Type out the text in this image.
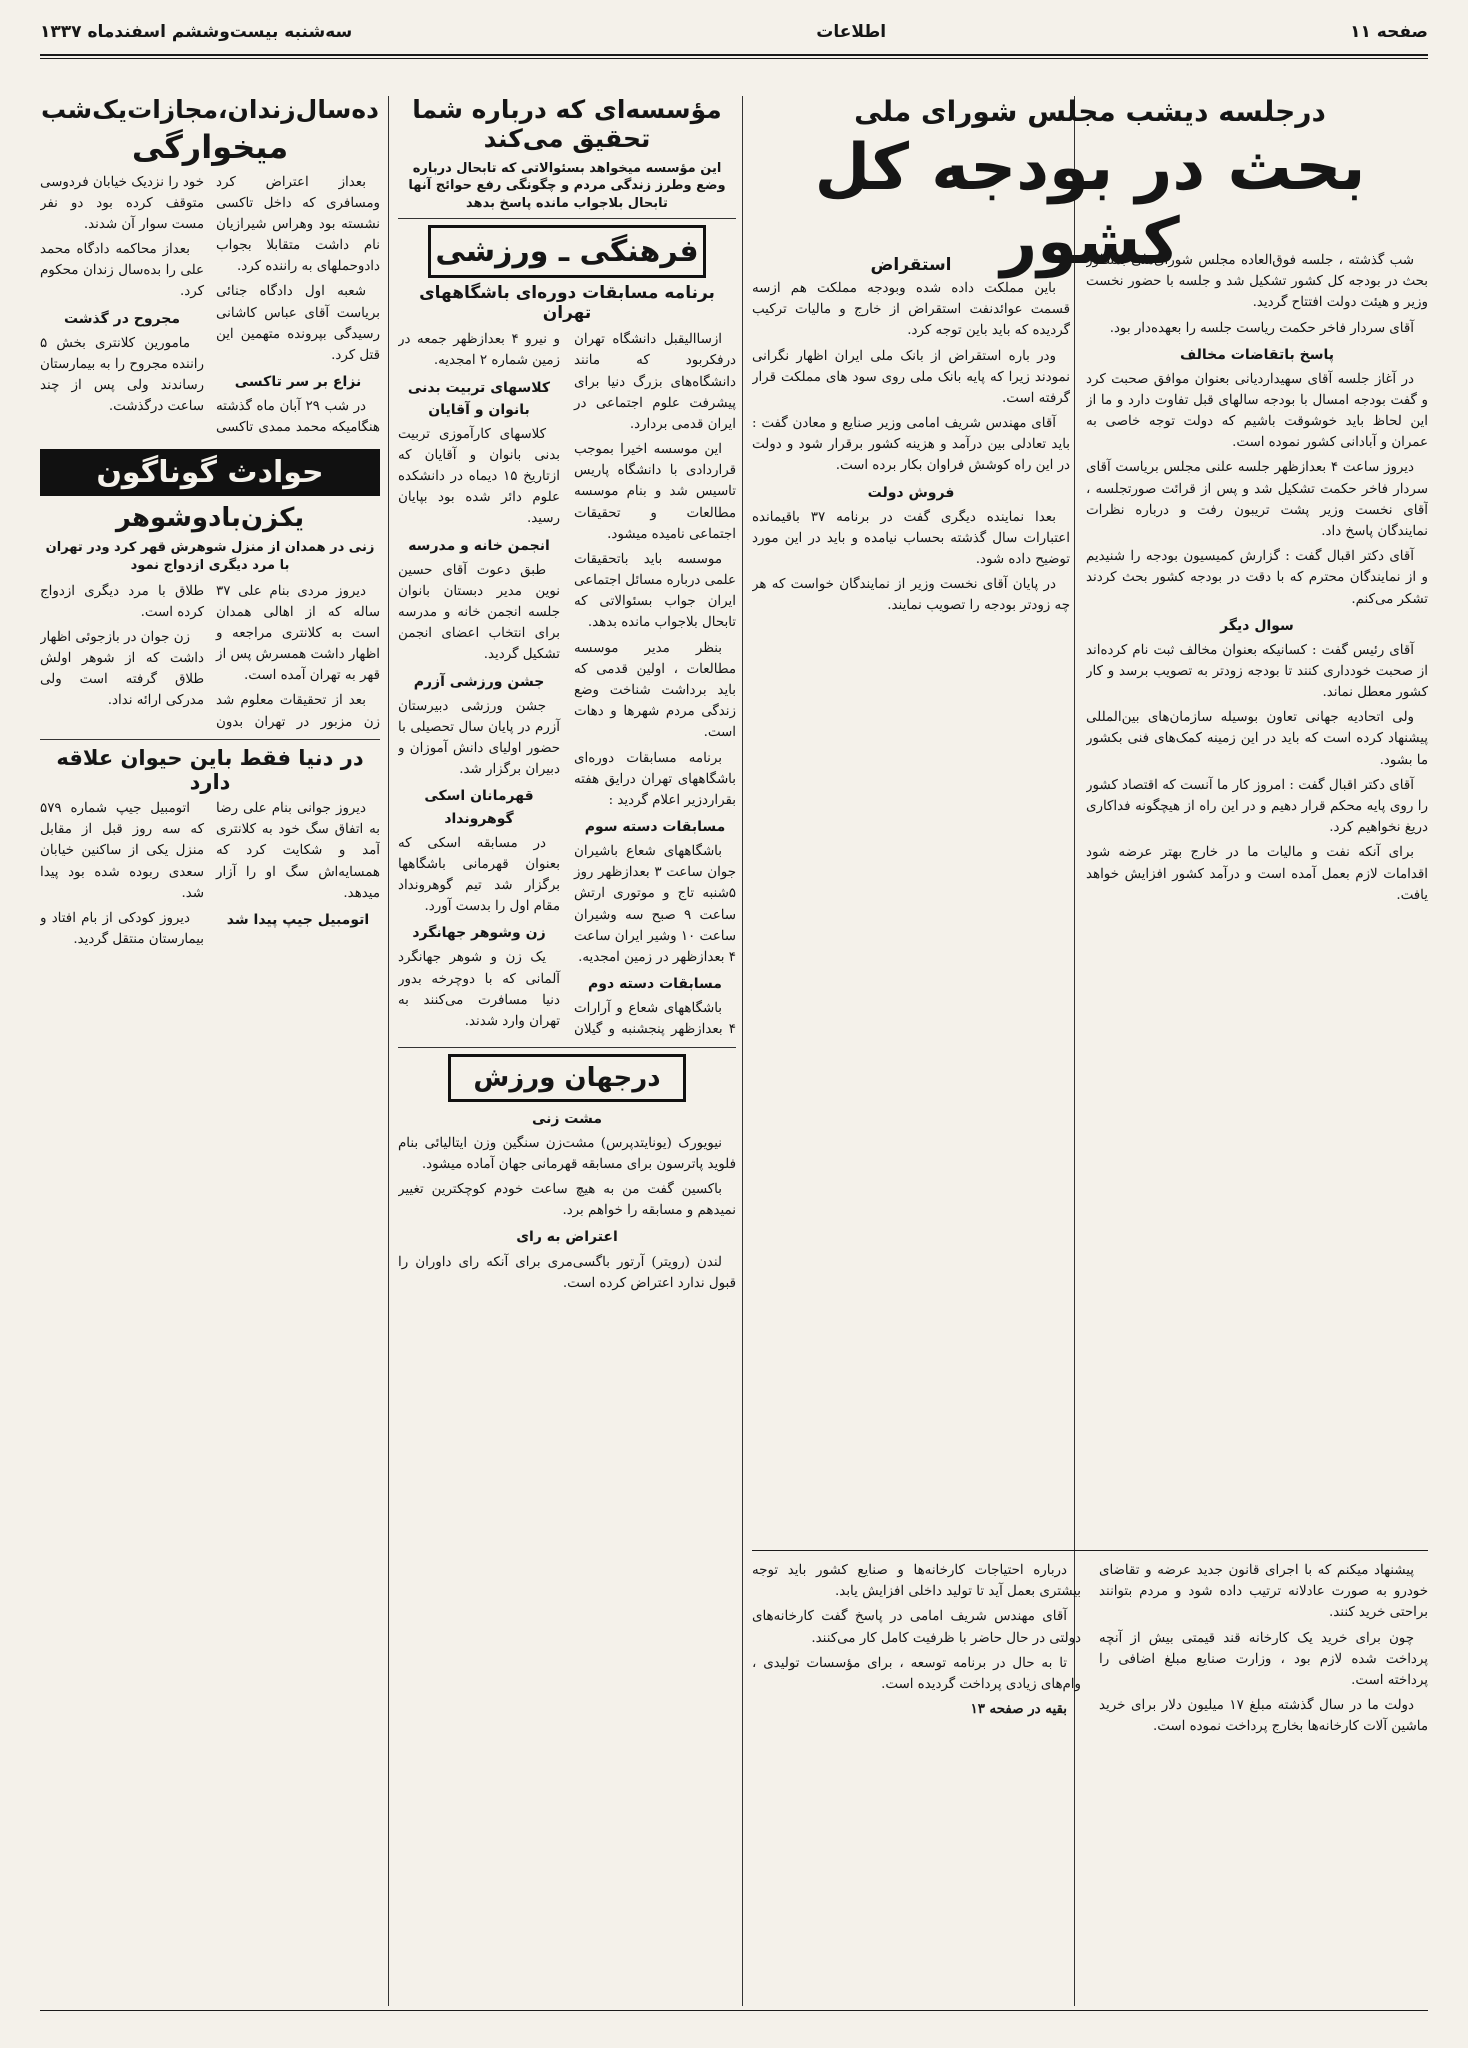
صفحه ۱۱
اطلاعات
سه‌شنبه بیست‌وششم اسفندماه ۱۳۳۷
درجلسه دیشب مجلس شورای ملی
بحث در بودجه کل کشور

شب گذشته ، جلسه فوق‌العاده مجلس شورای‌ملی بمنظور بحث در بودجه کل کشور تشکیل شد و جلسه با حضور نخست وزیر و هیئت دولت افتتاح گردید.

آقای سردار فاخر حکمت ریاست جلسه را بعهده‌دار بود.

پاسخ باتقاضات مخالف

در آغاز جلسه آقای سهیداردیانی بعنوان موافق صحبت کرد و گفت بودجه امسال با بودجه سالهای قبل تفاوت دارد و ما از این لحاظ باید خوشوقت باشیم که دولت توجه خاصی به عمران و آبادانی کشور نموده است.

دیروز ساعت ۴ بعدازظهر جلسه علنی مجلس بریاست آقای سردار فاخر حکمت تشکیل شد و پس از قرائت صورتجلسه ، آقای نخست وزیر پشت تریبون رفت و درباره نظرات نمایندگان پاسخ داد.

آقای دکتر اقبال گفت : گزارش کمیسیون بودجه را شنیدیم و از نمایندگان محترم که با دقت در بودجه کشور بحث کردند تشکر می‌کنم.

سوال دیگر

آقای رئیس گفت : کسانیکه بعنوان مخالف ثبت نام کرده‌اند از صحبت خودداری کنند تا بودجه زودتر به تصویب برسد و کار کشور معطل نماند.

ولی اتحادیه جهانی تعاون بوسیله سازمان‌های بین‌المللی پیشنهاد کرده است که باید در این زمینه کمک‌های فنی بکشور ما بشود.

آقای دکتر اقبال گفت : امروز کار ما آنست که اقتصاد کشور را روی پایه محکم قرار دهیم و در این راه از هیچگونه فداکاری دریغ نخواهیم کرد.

برای آنکه نفت و مالیات ما در خارج بهتر عرضه شود اقدامات لازم بعمل آمده است و درآمد کشور افزایش خواهد یافت.

استقراض

باین مملکت داده شده وبودجه مملکت هم ازسه قسمت عوائدنفت استقراض از خارج و مالیات ترکیب گردیده که باید باین توجه کرد.

ودر باره استقراض از بانک ملی ایران اظهار نگرانی نمودند زیرا که پایه بانک ملی روی سود های مملکت قرار گرفته است.

آقای مهندس شریف امامی وزیر صنایع و معادن گفت : باید تعادلی بین درآمد و هزینه کشور برقرار شود و دولت در این راه کوشش فراوان بکار برده است.

فروش دولت

بعدا نماینده دیگری گفت در برنامه ۳۷ باقیمانده اعتبارات سال گذشته بحساب نیامده و باید در این مورد توضیح داده شود.

در پایان آقای نخست وزیر از نمایندگان خواست که هر چه زودتر بودجه را تصویب نمایند.

پیشنهاد میکنم که با اجرای قانون جدید عرضه و تقاضای خودرو به صورت عادلانه ترتیب داده شود و مردم بتوانند براحتی خرید کنند.

چون برای خرید یک کارخانه قند قیمتی بیش از آنچه پرداخت شده لازم بود ، وزارت صنایع مبلغ اضافی را پرداخته است.

دولت ما در سال گذشته مبلغ ۱۷ میلیون دلار برای خرید ماشین آلات کارخانه‌ها بخارج پرداخت نموده است.

درباره احتیاجات کارخانه‌ها و صنایع کشور باید توجه بیشتری بعمل آید تا تولید داخلی افزایش یابد.

آقای مهندس شریف امامی در پاسخ گفت کارخانه‌های دولتی در حال حاضر با ظرفیت کامل کار می‌کنند.

تا به حال در برنامه توسعه ، برای مؤسسات تولیدی ، وام‌های زیادی پرداخت گردیده است.

بقیه در صفحه ۱۳

مؤسسه‌ای که درباره شما تحقیق می‌کند
این مؤسسه میخواهد بسئوالاتی که تابحال درباره وضع وطرز زندگی مردم و چگونگی رفع حوائج آنها تابحال بلاجواب مانده پاسخ بدهد
فرهنگی ـ ورزشی
برنامه مسابقات دوره‌ای باشگاههای تهران

ازساالیقبل دانشگاه تهران درفکربود که مانند دانشگاه‌های بزرگ دنیا برای پیشرفت علوم اجتماعی در ایران قدمی بردارد.

این موسسه اخیرا بموجب قراردادی با دانشگاه پاریس تاسیس شد و بنام موسسه مطالعات و تحقیقات اجتماعی نامیده میشود.

موسسه باید باتحقیقات علمی درباره مسائل اجتماعی ایران جواب بسئوالاتی که تابحال بلاجواب مانده بدهد.

بنظر مدیر موسسه مطالعات ، اولین قدمی که باید برداشت شناخت وضع زندگی مردم شهرها و دهات است.

برنامه مسابقات دوره‌ای باشگاههای تهران درایق هفته بقراردزیر اعلام گردید :

مسابقات دسته سوم

باشگاههای شعاع باشیران جوان ساعت ۳ بعدازظهر روز ۵شنبه تاج و موتوری ارتش ساعت ۹ صبح سه وشیران ساعت ۱۰ وشیر ایران ساعت ۴ بعدازظهر در زمین امجدیه.

مسابقات دسته دوم

باشگاههای شعاع و آرارات ۴ بعدازظهر پنجشنبه و گیلان و نیرو ۴ بعدازظهر جمعه در زمین شماره ۲ امجدیه.

کلاسهای تربیت بدنی بانوان و آقایان

کلاسهای کارآموزی تربیت بدنی بانوان و آقایان که ازتاریخ ۱۵ دیماه در دانشکده علوم دائر شده بود بپایان رسید.

انجمن خانه و مدرسه

طبق دعوت آقای حسین نوین مدیر دبستان بانوان جلسه انجمن خانه و مدرسه برای انتخاب اعضای انجمن تشکیل گردید.

جشن ورزشی آزرم

جشن ورزشی دبیرستان آزرم در پایان سال تحصیلی با حضور اولیای دانش آموزان و دبیران برگزار شد.

قهرمانان اسکی گوهرونداد

در مسابقه اسکی که بعنوان قهرمانی باشگاهها برگزار شد تیم گوهرونداد مقام اول را بدست آورد.

زن وشوهر جهانگرد

یک زن و شوهر جهانگرد آلمانی که با دوچرخه بدور دنیا مسافرت می‌کنند به تهران وارد شدند.

درجهان ورزش
مشت زنی

نیویورک (یونایتدپرس) مشت‌زن سنگین وزن ایتالیائی بنام فلوید پاترسون برای مسابقه قهرمانی جهان آماده میشود.

باکسین گفت من به هیچ ساعت خودم کوچکترین تغییر نمیدهم و مسابقه را خواهم برد.

اعتراض به رای

لندن (رویتر) آرتور باگسی‌مری برای آنکه رای داوران را قبول ندارد اعتراض کرده است.

ده‌سال‌زندان،مجازات‌یک‌شب
میخوارگی

بعداز اعتراض کرد ومسافری که داخل تاکسی نشسته بود وهراس شیرازیان نام داشت متقابلا بجواب دادوحملهای به راننده کرد.

شعبه اول دادگاه جنائی بریاست آقای عباس کاشانی رسیدگی بپرونده متهمین این قتل کرد.

نزاع بر سر تاکسی

در شب ۲۹ آبان ماه گذشته هنگامیکه محمد ممدی تاکسی خود را نزدیک خیابان فردوسی متوقف کرده بود دو نفر مست سوار آن شدند.

بعداز محاکمه دادگاه محمد علی را بده‌سال زندان محکوم کرد.

مجروح در گذشت

مامورین کلانتری بخش ۵ راننده مجروح را به بیمارستان رساندند ولی پس از چند ساعت درگذشت.

حوادث گوناگون
یکزن‌بادوشوهر
زنی در همدان از منزل شوهرش قهر کرد ودر تهران با مرد دیگری ازدواج نمود

دیروز مردی بنام علی ۳۷ ساله که از اهالی همدان است به کلانتری مراجعه و اظهار داشت همسرش پس از قهر به تهران آمده است.

بعد از تحقیقات معلوم شد زن مزبور در تهران بدون طلاق با مرد دیگری ازدواج کرده است.

زن جوان در بازجوئی اظهار داشت که از شوهر اولش طلاق گرفته است ولی مدرکی ارائه نداد.

در دنیا فقط باین حیوان علاقه دارد

دیروز جوانی بنام علی رضا به اتفاق سگ خود به کلانتری آمد و شکایت کرد که همسایه‌اش سگ او را آزار میدهد.

اتومبیل جیپ پیدا شد

اتومبیل جیپ شماره ۵۷۹ که سه روز قبل از مقابل منزل یکی از ساکنین خیابان سعدی ربوده شده بود پیدا شد.

دیروز کودکی از بام افتاد و بیمارستان منتقل گردید.
